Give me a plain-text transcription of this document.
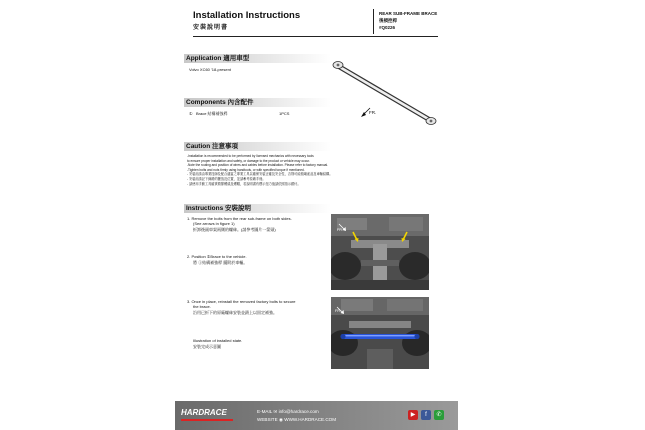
Installation Instructions
安裝說明書
REAR SUB-FRAME BRACE
後槓控桿
#Q0226
Application 適用車型
Volvo XC60 '18-present
FR.
Components 內含配件
① Brace 結構補強桿	1PCS
Caution 注意事項
-Installation is recommended to be performed by licensed mechanics with necessary tools
to ensure proper installation and safety, or damage to the product or vehicle may occur.
-Note the routing and position of wires and cables before installation. Please refer to factory manual.
-Tighten bolts and nuts firmly using handtools, or with specified torque if mentioned.
- 安裝前請由專業技師及配合適當之專業工具以確保安裝正確及安全性，否則可能損壞產品及車輛結構。
- 安裝前請記下線路的擺放及位置，並請參考原廠手冊。
- 請使用手動工具確實鎖緊螺絲及螺帽，若說明書有標示扭力值請依照指示鎖付。
Instructions 安裝說明
1. Remove the bolts from the rear sub-frame on both sides.
(See arrows in figure 1)
折卸後副車架兩側的螺絲。(請參考圖片一箭頭)
2. Position ①Brace to the vehicle.
將 ①結構補強桿 擺附於車輛。
3. Once in place, reinstall the removed factory bolts to secure
the brace.
沿用已折下的原廠螺絲安裝並鎖上以固定補強。
Illustration of installed state.
安裝完成示意圖
FR.
FR.
HARDRACE	E-MAIL ✉ info@hardrace.com
WEBSITE ◉ WWW.HARDRACE.COM
▶	f	✆
